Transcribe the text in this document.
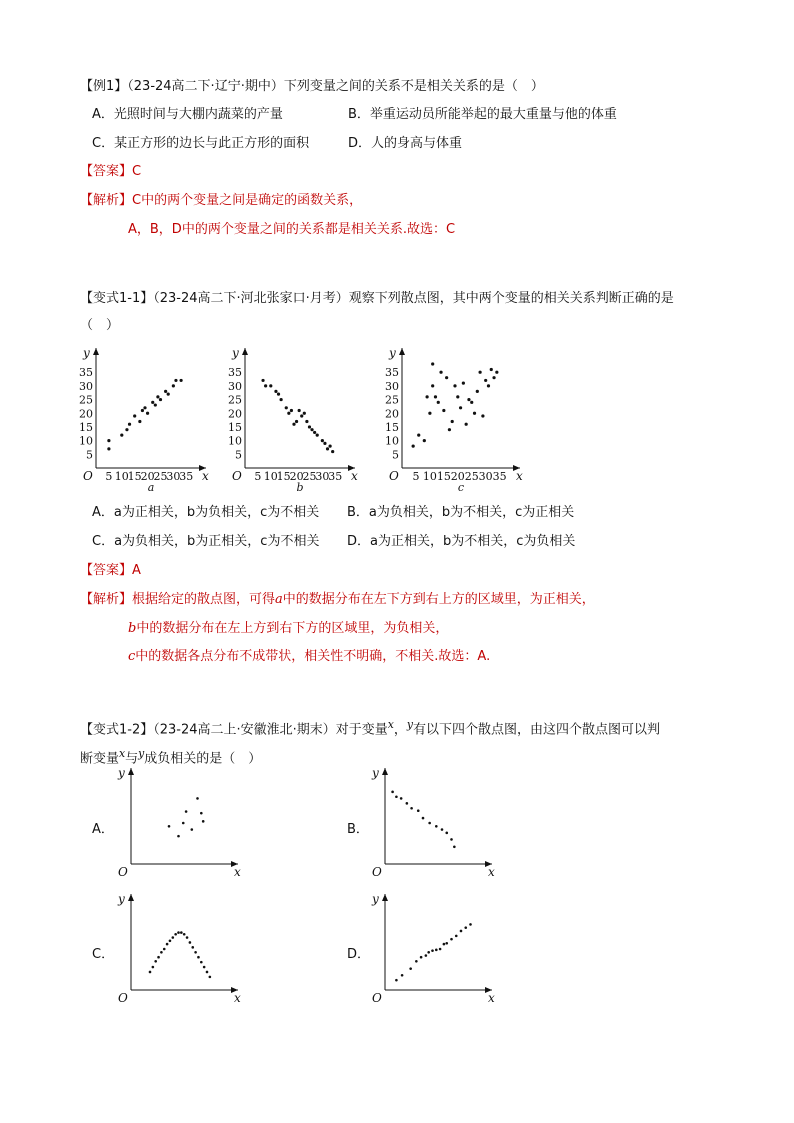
【例1】（23-24高二下·辽宁·期中）下列变量之间的关系不是相关关系的是（　）
A．光照时间与大棚内蔬菜的产量	B．举重运动员所能举起的最大重量与他的体重
C．某正方形的边长与此正方形的面积	D．人的身高与体重
【答案】C
【解析】C中的两个变量之间是确定的函数关系，
A，B，D中的两个变量之间的关系都是相关关系.故选：C
【变式1-1】（23-24高二下·河北张家口·月考）观察下列散点图，其中两个变量的相关关系判断正确的是
（　）
x
y
O 5 10
15
20
25
30
35
5
10
15
20
25
30
35
a
x
y
O 5 10
15
20
25
30
35
5
10
15
20
25
30
35
b
x
y
O 5 10 15 20 25 30 35
5
10
15
20
25
30
35
c
A．a为正相关，b为负相关，c为不相关 B．a为负相关，b为不相关，c为正相关
C．a为负相关，b为正相关，c为不相关 D．a为正相关，b为不相关，c为负相关
【答案】A
【解析】根据给定的散点图，可得a中的数据分布在左下方到右上方的区域里，为正相关，
b中的数据分布在左上方到右下方的区域里，为负相关，
c中的数据各点分布不成带状，相关性不明确，不相关.故选：A.
【变式1-2】（23-24高二上·安徽淮北·期末）对于变量$^x$，$^y$有以下四个散点图，由这四个散点图可以判
断变量$^x$与$^y$成负相关的是（　）
A．
x
y
O
B．
x
y
O
C．
x
y
O
D．
x
y
O
